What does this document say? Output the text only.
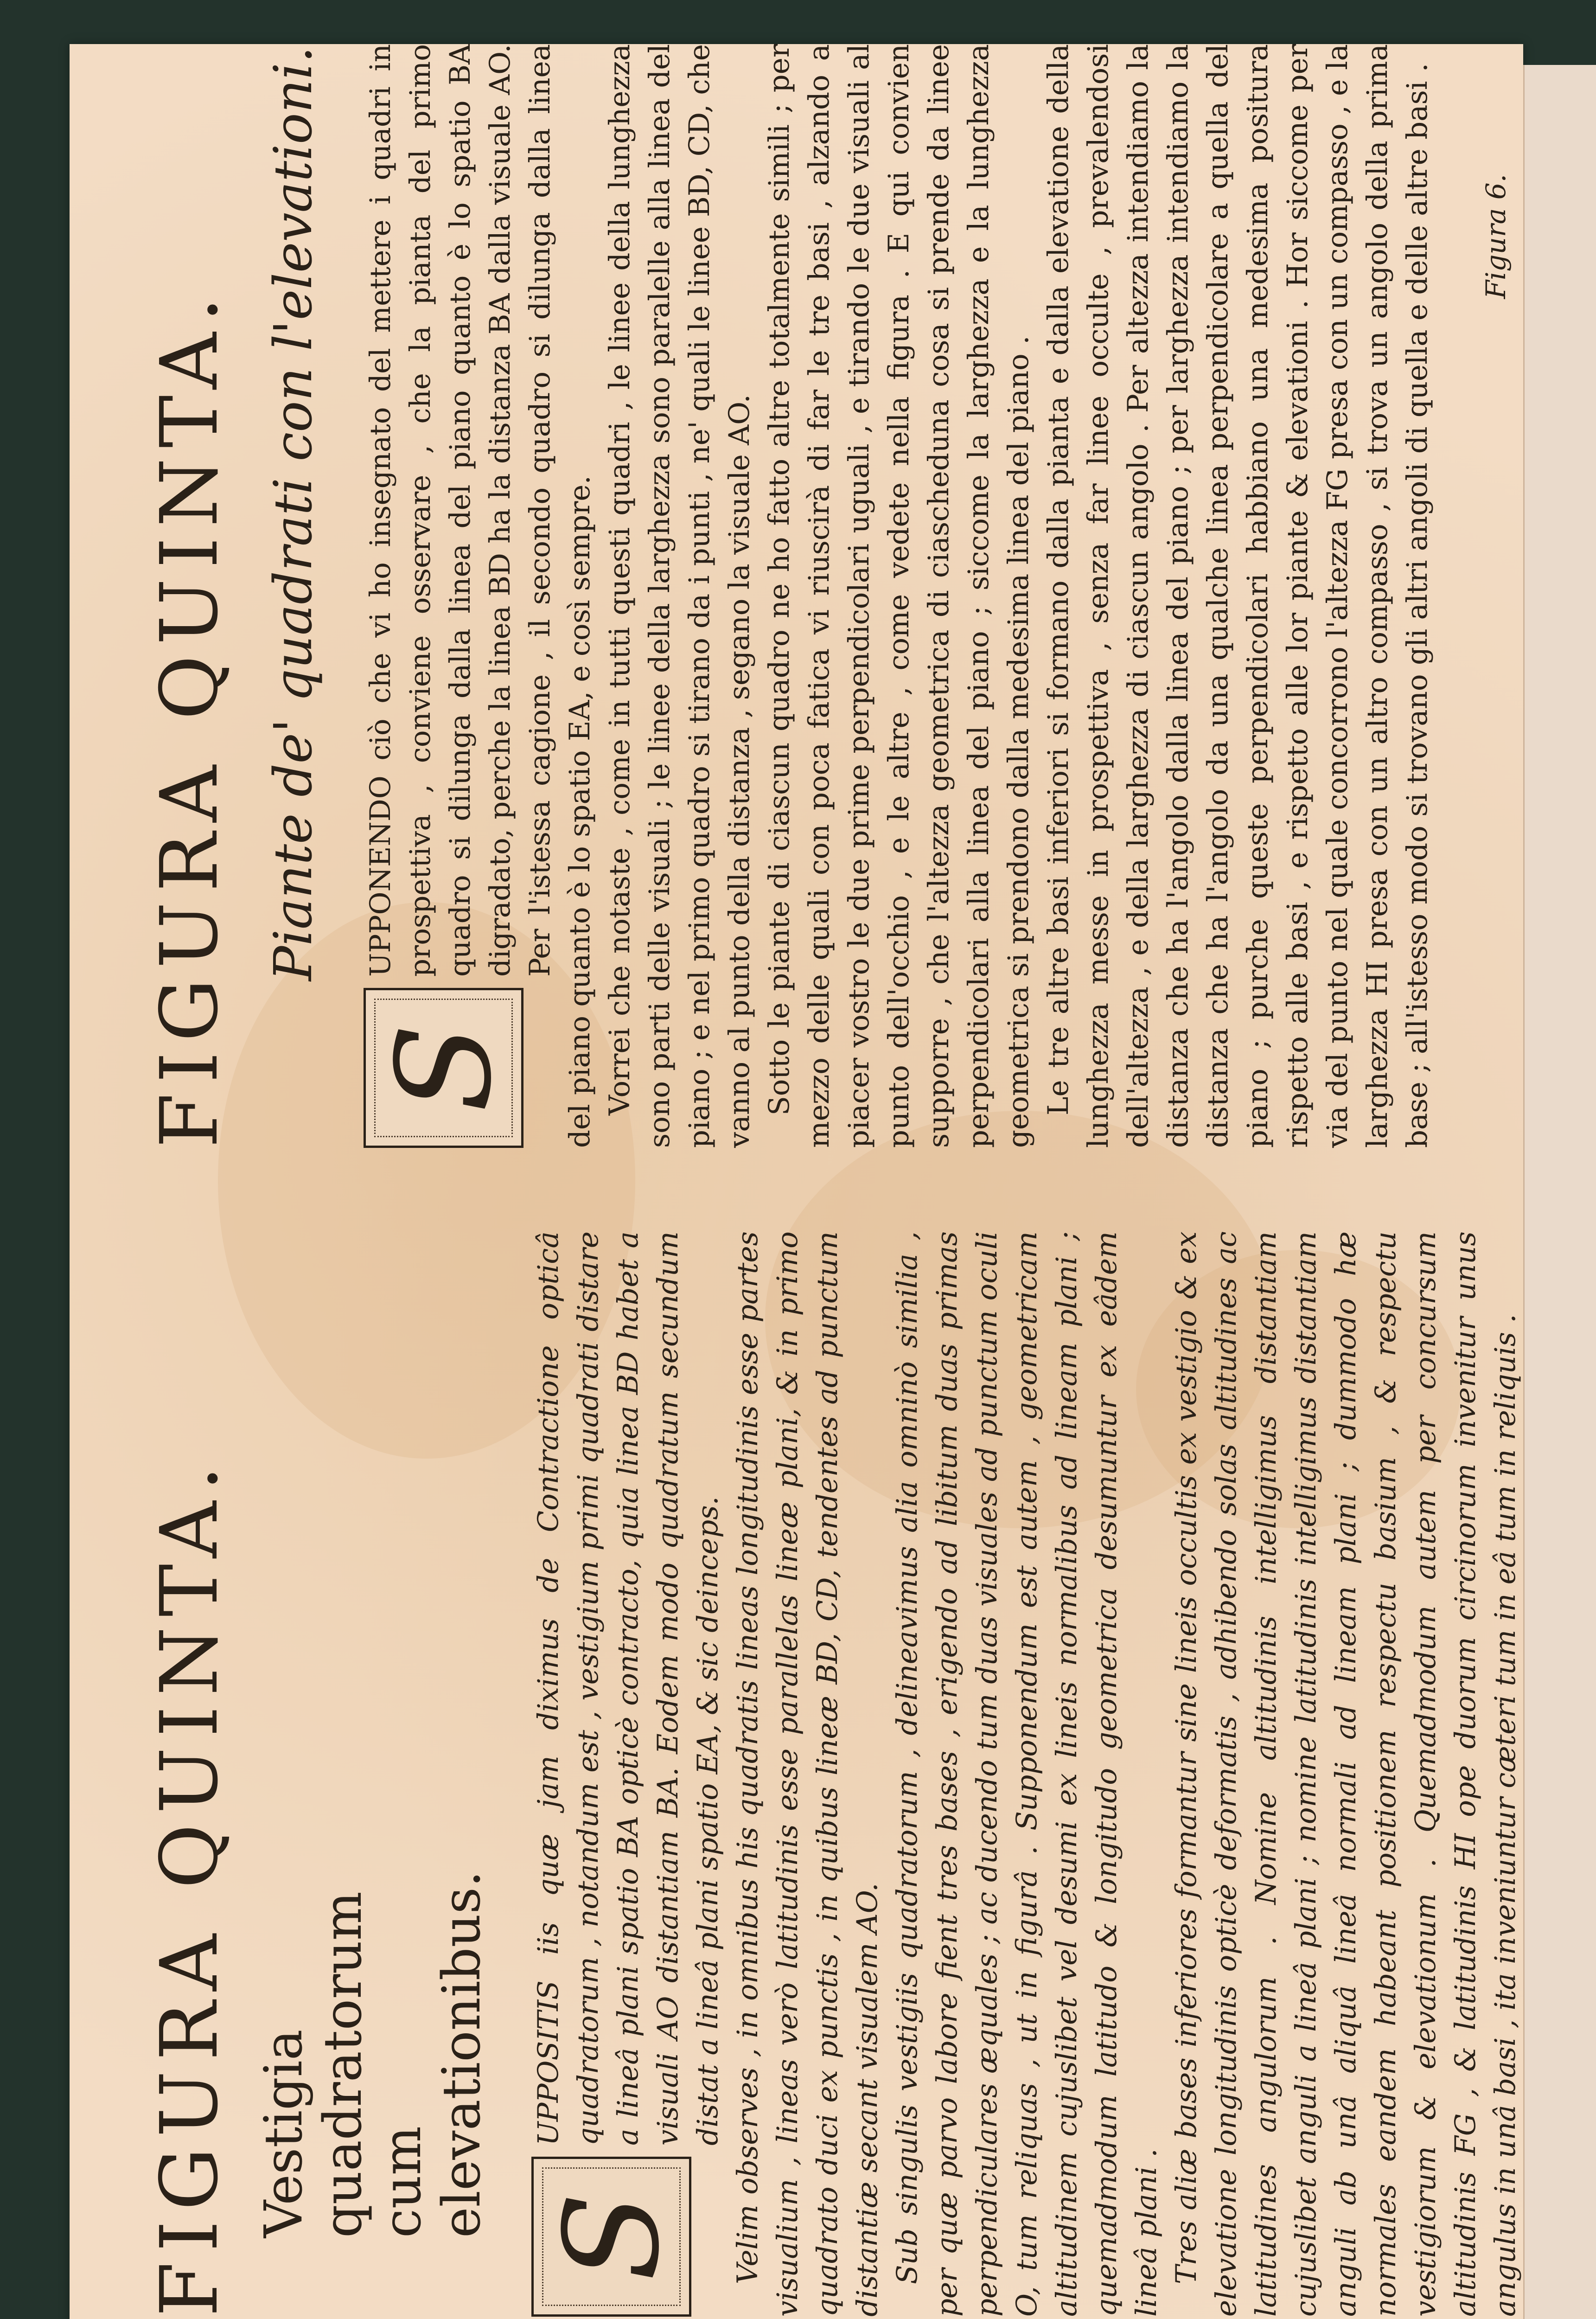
FIGURA QUINTA. Vestigia quadratorum cum elevationibus. S

UPPOSITIS iis quæ jam diximus de Contractione opticâ quadratorum , notandum est , vestigium primi quadrati distare a lineâ plani spatio BA opticè contracto, quia linea BD habet a visuali AO distantiam BA. Eodem modo quadratum secundum distat a lineâ plani spatio EA, & sic deinceps. Velim observes , in omnibus his quadratis lineas longitudinis esse partes visualium , lineas verò latitudinis esse parallelas lineæ plani, & in primo quadrato duci ex punctis , in quibus lineæ BD, CD, tendentes ad punctum distantiæ secant visualem AO. Sub singulis vestigiis quadratorum , delineavimus alia omninò similia , per quæ parvo labore fient tres bases , erigendo ad libitum duas primas perpendiculares æquales ; ac ducendo tum duas visuales ad punctum oculi O, tum reliquas , ut in figurâ . Supponendum est autem , geometricam altitudinem cujuslibet vel desumi ex lineis normalibus ad lineam plani ; quemadmodum latitudo & longitudo geometrica desumuntur ex eâdem lineâ plani . Tres aliæ bases inferiores formantur sine lineis occultis ex vestigio & ex elevatione longitudinis opticè deformatis , adhibendo solas altitudines ac latitudines angulorum . Nomine altitudinis intelligimus distantiam cujuslibet anguli a lineâ plani ; nomine latitudinis intelligimus distantiam anguli ab unâ aliquâ lineâ normali ad lineam plani ; dummodo hæ normales eandem habeant positionem respectu basium , & respectu vestigiorum & elevationum . Quemadmodum autem per concursum altitudinis FG , & latitudinis HI ope duorum circinorum invenitur unus angulus in unâ basi , ita inveniuntur cæteri tum in eâ tum in reliquis .

FIGURA QUINTA. Piante de' quadrati con l'elevationi.
S

UPPONENDO ciò che vi ho insegnato del mettere i quadri in prospettiva , conviene osservare , che la pianta del primo quadro si dilunga dalla linea del piano quanto è lo spatio BA digradato, perche la linea BD ha la distanza BA dalla visuale AO. Per l'istessa cagione , il secondo quadro si dilunga dalla linea del piano quanto è lo spatio EA, e così sempre. Vorrei che notaste , come in tutti questi quadri , le linee della lunghezza sono parti delle visuali ; le linee della larghezza sono paralelle alla linea del piano ; e nel primo quadro si tirano da i punti , ne' quali le linee BD, CD, che vanno al punto della distanza , segano la visuale AO. Sotto le piante di ciascun quadro ne ho fatto altre totalmente simili ; per mezzo delle quali con poca fatica vi riuscirà di far le tre basi , alzando a piacer vostro le due prime perpendicolari uguali , e tirando le due visuali al punto dell'occhio , e le altre , come vedete nella figura . E qui convien supporre , che l'altezza geometrica di ciascheduna cosa si prende da linee perpendicolari alla linea del piano ; siccome la larghezza e la lunghezza geometrica si prendono dalla medesima linea del piano . Le tre altre basi inferiori si formano dalla pianta e dalla elevatione della lunghezza messe in prospettiva , senza far linee occulte , prevalendosi dell'altezza , e della larghezza di ciascun angolo . Per altezza intendiamo la distanza che ha l'angolo dalla linea del piano ; per larghezza intendiamo la distanza che ha l'angolo da una qualche linea perpendicolare a quella del piano ; purche queste perpendicolari habbiano una medesima positura rispetto alle basi , e rispetto alle lor piante & elevationi . Hor siccome per via del punto nel quale concorrono l'altezza FG presa con un compasso , e la larghezza HI presa con un altro compasso , si trova un angolo della prima base ; all'istesso modo si trovano gli altri angoli di quella e delle altre basi . Figura 6.
